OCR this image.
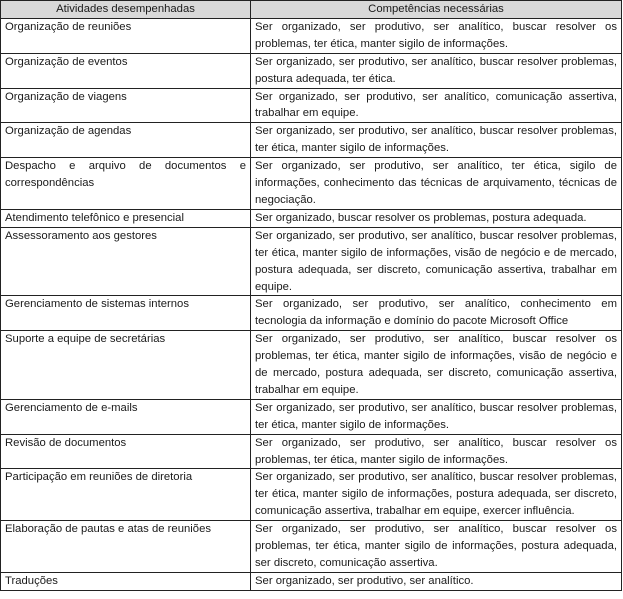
Atividades desempenhadas	Competências necessárias
Organização de reuniões	Ser organizado, ser produtivo, ser analítico, buscar resolver os problemas, ter ética, manter sigilo de informações.
Organização de eventos	Ser organizado, ser produtivo, ser analítico, buscar resolver problemas, postura adequada, ter ética.
Organização de viagens	Ser organizado, ser produtivo, ser analítico, comunicação assertiva, trabalhar em equipe.
Organização de agendas	Ser organizado, ser produtivo, ser analítico, buscar resolver problemas, ter ética, manter sigilo de informações.
Despacho e arquivo de documentos e correspondências	Ser organizado, ser produtivo, ser analítico, ter ética, sigilo de informações, conhecimento das técnicas de arquivamento, técnicas de negociação.
Atendimento telefônico e presencial	Ser organizado, buscar resolver os problemas, postura adequada.
Assessoramento aos gestores	Ser organizado, ser produtivo, ser analítico, buscar resolver problemas, ter ética, manter sigilo de informações, visão de negócio e de mercado, postura adequada, ser discreto, comunicação assertiva, trabalhar em equipe.
Gerenciamento de sistemas internos	Ser organizado, ser produtivo, ser analítico, conhecimento em tecnologia da informação e domínio do pacote Microsoft Office
Suporte a equipe de secretárias	Ser organizado, ser produtivo, ser analítico, buscar resolver os problemas, ter ética, manter sigilo de informações, visão de negócio e de mercado, postura adequada, ser discreto, comunicação assertiva, trabalhar em equipe.
Gerenciamento de e-mails	Ser organizado, ser produtivo, ser analítico, buscar resolver problemas, ter ética, manter sigilo de informações.
Revisão de documentos	Ser organizado, ser produtivo, ser analítico, buscar resolver os problemas, ter ética, manter sigilo de informações.
Participação em reuniões de diretoria	Ser organizado, ser produtivo, ser analítico, buscar resolver problemas, ter ética, manter sigilo de informações, postura adequada, ser discreto, comunicação assertiva, trabalhar em equipe, exercer influência.
Elaboração de pautas e atas de reuniões	Ser organizado, ser produtivo, ser analítico, buscar resolver os problemas, ter ética, manter sigilo de informações, postura adequada, ser discreto, comunicação assertiva.
Traduções	Ser organizado, ser produtivo, ser analítico.
